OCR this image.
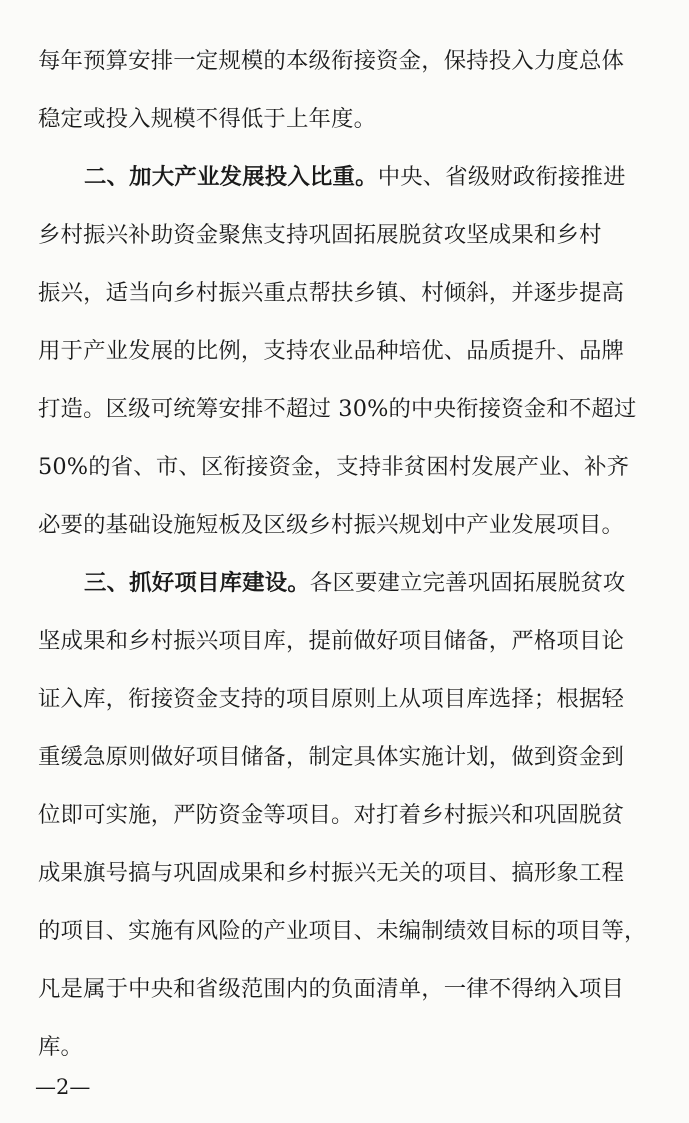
每年预算安排一定规模的本级衔接资金，保持投入力度总体
稳定或投入规模不得低于上年度。
二、加大产业发展投入比重。中央、省级财政衔接推进
乡村振兴补助资金聚焦支持巩固拓展脱贫攻坚成果和乡村
振兴，适当向乡村振兴重点帮扶乡镇、村倾斜，并逐步提高
用于产业发展的比例，支持农业品种培优、品质提升、品牌
打造。区级可统筹安排不超过 30%的中央衔接资金和不超过
50%的省、市、区衔接资金，支持非贫困村发展产业、补齐
必要的基础设施短板及区级乡村振兴规划中产业发展项目。
三、抓好项目库建设。各区要建立完善巩固拓展脱贫攻
坚成果和乡村振兴项目库，提前做好项目储备，严格项目论
证入库，衔接资金支持的项目原则上从项目库选择；根据轻
重缓急原则做好项目储备，制定具体实施计划，做到资金到
位即可实施，严防资金等项目。对打着乡村振兴和巩固脱贫
成果旗号搞与巩固成果和乡村振兴无关的项目、搞形象工程
的项目、实施有风险的产业项目、未编制绩效目标的项目等，
凡是属于中央和省级范围内的负面清单，一律不得纳入项目
库。
—2—
